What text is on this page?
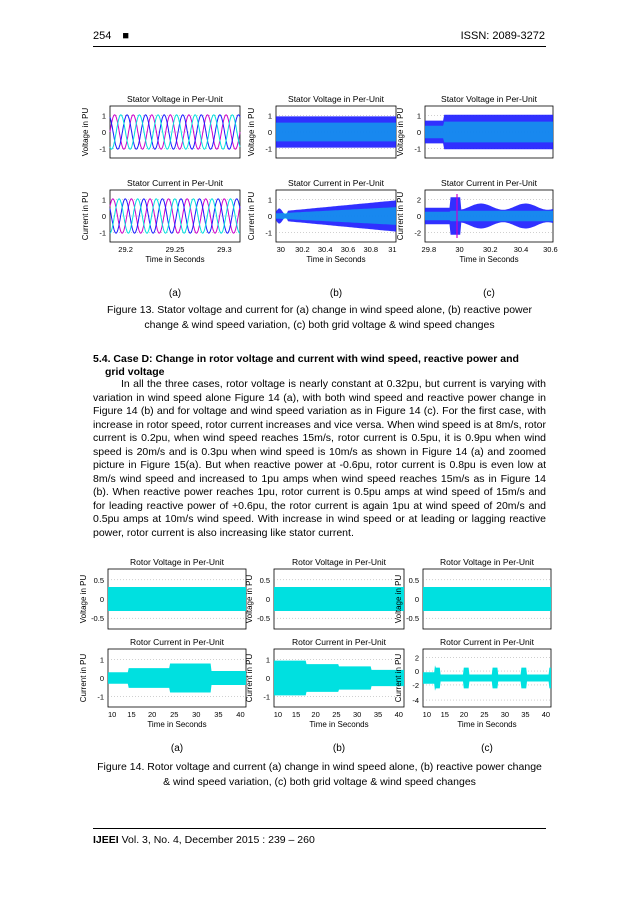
254 ■	ISSN: 2089-3272
Stator Voltage in Per-Unit
Voltage in PU 1
0
-1
Stator Current in Per-Unit
Current in PU 1
0
-1
29.2	29.25	29.3
Time in Seconds
(a)
Stator Voltage in Per-Unit
Voltage in PU 1
0
-1
Stator Current in Per-Unit
Current in PU 1
0
-1
30 30.2 30.4 30.6 30.8 31
Time in Seconds
(b)
Stator Voltage in Per-Unit
Voltage in PU 1
0
-1
Stator Current in Per-Unit
Current in PU 2
0
-2
29.8	30	30.2 30.4 30.6
Time in Seconds
(c)
Figure 13. Stator voltage and current for (a) change in wind speed alone, (b) reactive power change & wind speed variation, (c) both grid voltage & wind speed changes
5.4. Case D: Change in rotor voltage and current with wind speed, reactive power and
grid voltage
In all the three cases, rotor voltage is nearly constant at 0.32pu, but current is varying with variation in wind speed alone Figure 14 (a), with both wind speed and reactive power change in Figure 14 (b) and for voltage and wind speed variation as in Figure 14 (c). For the first case, with increase in rotor speed, rotor current increases and vice versa. When wind speed is at 8m/s, rotor current is 0.2pu, when wind speed reaches 15m/s, rotor current is 0.5pu, it is 0.9pu when wind speed is 20m/s and is 0.3pu when wind speed is 10m/s as shown in Figure 14 (a) and zoomed picture in Figure 15(a). But when reactive power at -0.6pu, rotor current is 0.8pu is even low at 8m/s wind speed and increased to 1pu amps when wind speed reaches 15m/s as in Figure 14 (b). When reactive power reaches 1pu, rotor current is 0.5pu amps at wind speed of 15m/s and for leading reactive power of +0.6pu, the rotor current is again 1pu at wind speed of 20m/s and 0.5pu amps at 10m/s wind speed. With increase in wind speed or at leading or lagging reactive power, rotor current is also increasing like stator current.
Rotor Voltage in Per-Unit
Voltage in PU 0.5
0
-0.5
Rotor Current in Per-Unit
Current in PU 1
0
-1
10 15 20 25 30 35 40
Time in Seconds
(a)
Rotor Voltage in Per-Unit
Voltage in PU 0.5
0
-0.5
Rotor Current in Per-Unit
Current in PU 1
0
-1
10 15 20 25 30 35 40
Time in Seconds
(b)
Rotor Voltage in Per-Unit
Voltage in PU 0.5
0
-0.5
Rotor Current in Per-Unit
Current in PU 2
0
-2
-4
10 15 20 25 30 35 40
Time in Seconds
(c)
Figure 14. Rotor voltage and current (a) change in wind speed alone, (b) reactive power change & wind speed variation, (c) both grid voltage & wind speed changes
IJEEI Vol. 3, No. 4, December 2015 : 239 – 260
